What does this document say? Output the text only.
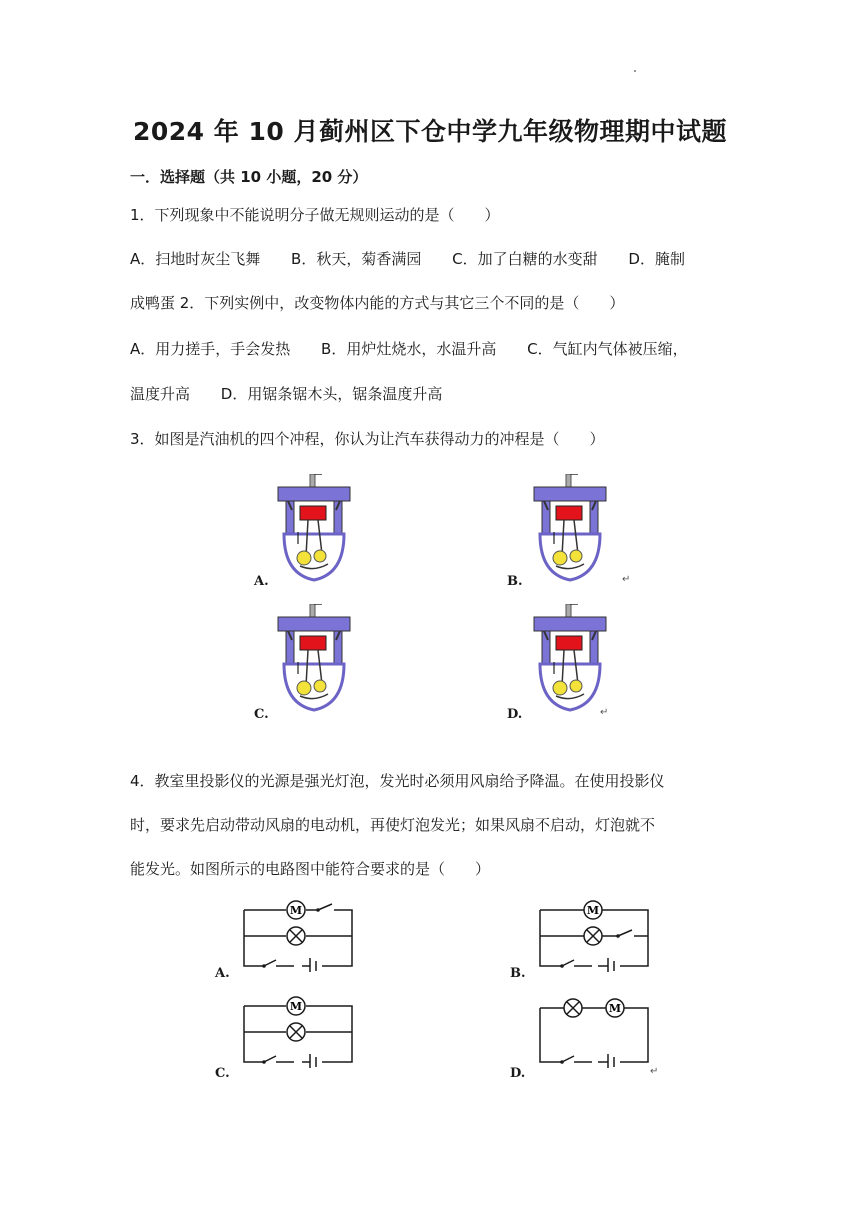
2024 年 10 月蓟州区下仓中学九年级物理期中试题
一．选择题（共 10 小题，20 分）
1．下列现象中不能说明分子做无规则运动的是（　　）
A．扫地时灰尘飞舞 B．秋天，菊香满园 C．加了白糖的水变甜 D．腌制
成鸭蛋 2．下列实例中，改变物体内能的方式与其它三个不同的是（　　）
A．用力搓手，手会发热 B．用炉灶烧水，水温升高 C．气缸内气体被压缩，
温度升高 D．用锯条锯木头，锯条温度升高
3．如图是汽油机的四个冲程，你认为让汽车获得动力的冲程是（　　）
A.	B.	↵
C.	D.	↵
4．教室里投影仪的光源是强光灯泡，发光时必须用风扇给予降温。在使用投影仪
时，要求先启动带动风扇的电动机，再使灯泡发光；如果风扇不启动，灯泡就不
能发光。如图所示的电路图中能符合要求的是（　　）
M	M
M	M
A.	B.
C.	D.	↵
